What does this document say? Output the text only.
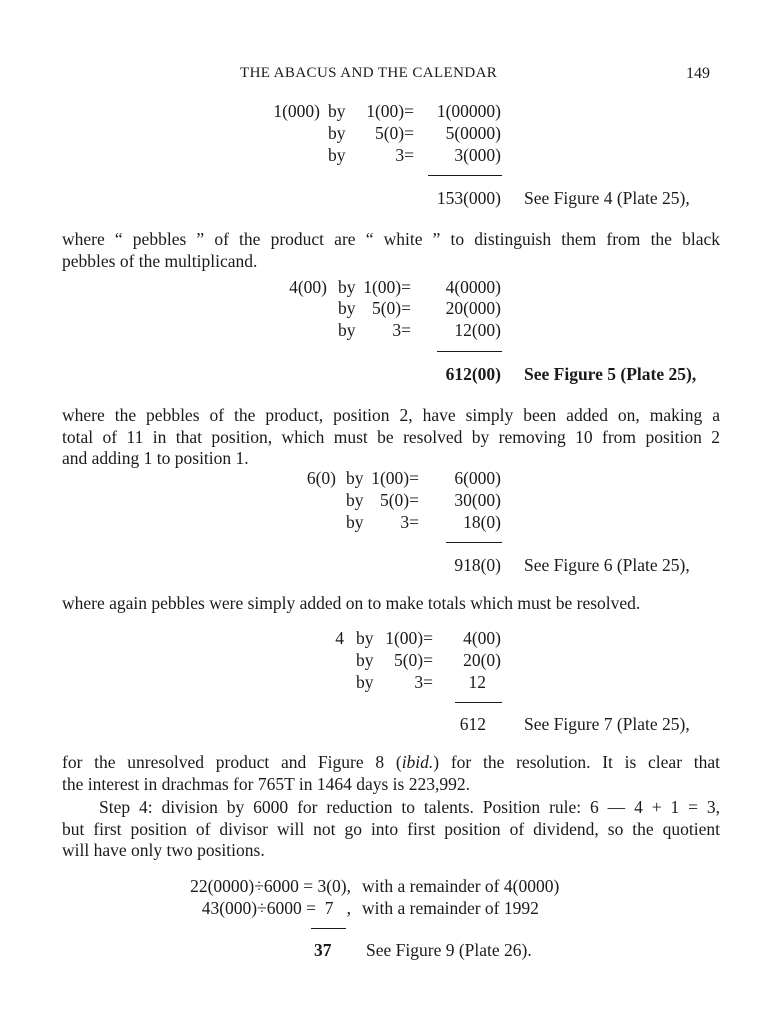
THE ABACUS AND THE CALENDAR	149
1(000) by 1(00)= 1(00000)
by 5(0)= 5(0000)
by	3= 3(000)
153(000) See Figure 4 (Plate 25),
where “ pebbles ” of the product are “ white ” to distinguish them from the black
pebbles of the multiplicand.
4(00) by 1(00)= 4(0000)
by 5(0)= 20(000)
by 3= 12(00)
612(00) See Figure 5 (Plate 25),
where the pebbles of the product, position 2, have simply been added on, making a
total of 11 in that position, which must be resolved by removing 10 from position 2
and adding 1 to position 1.
6(0) by 1(00)= 6(000)
by 5(0)= 30(00)
by 3=	18(0)
918(0) See Figure 6 (Plate 25),
where again pebbles were simply added on to make totals which must be resolved.
4 by 1(00)= 4(00)
by 5(0)= 20(0)
by 3= 12
612 See Figure 7 (Plate 25),
for the unresolved product and Figure 8 (ibid.) for the resolution. It is clear that
the interest in drachmas for 765T in 1464 days is 223,992.
Step 4: division by 6000 for reduction to talents. Position rule: 6 — 4 + 1 = 3,
but first position of divisor will not go into first position of dividend, so the quotient
will have only two positions.
22(0000)÷6000 = 3(0), with a remainder of 4(0000)
43(000)÷6000 =  7   , with a remainder of 1992
37 See Figure 9 (Plate 26).
